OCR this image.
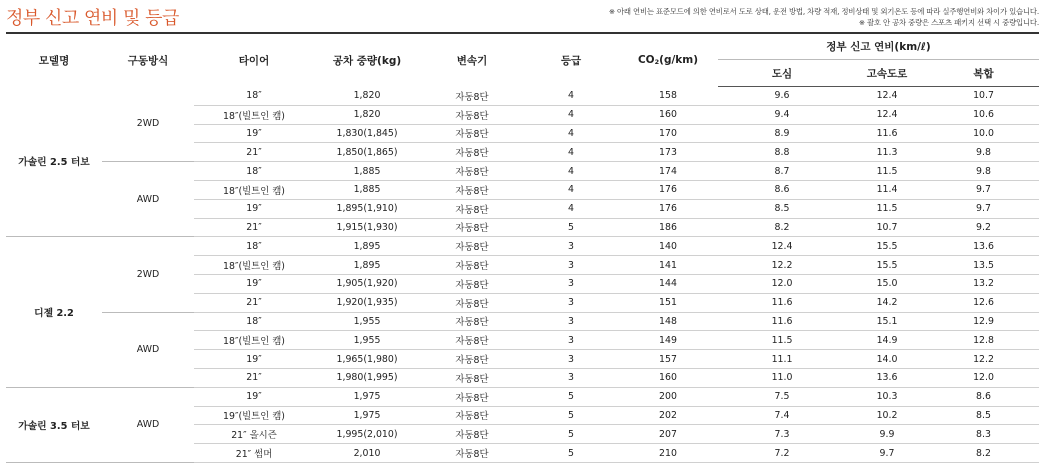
정부 신고 연비 및 등급	※ 아래 연비는 표준모드에 의한 연비로서 도로 상태, 운전 방법, 차량 적재, 정비상태 및 외기온도 등에 따라 실주행연비와 차이가 있습니다.
※ 괄호 안 공차 중량은 스포츠 패키지 선택 시 중량입니다.
모델명	구동방식	타이어	공차 중량(kg)	변속기	등급	$CO_2(g/km)$	정부 신고 연비(km/ℓ)		
							도심	고속도로	복합
가솔린 2.5 터보	2WD	18″	1,820	자동8단	4	158	9.6	12.4	10.7
		18″(빌트인 캠)	1,820	자동8단	4	160	9.4	12.4	10.6
		19″	1,830(1,845)	자동8단	4	170	8.9	11.6	10.0
		21″	1,850(1,865)	자동8단	4	173	8.8	11.3	9.8
	AWD	18″	1,885	자동8단	4	174	8.7	11.5	9.8
		18″(빌트인 캠)	1,885	자동8단	4	176	8.6	11.4	9.7
		19″	1,895(1,910)	자동8단	4	176	8.5	11.5	9.7
		21″	1,915(1,930)	자동8단	5	186	8.2	10.7	9.2
디젤 2.2	2WD	18″	1,895	자동8단	3	140	12.4	15.5	13.6
		18″(빌트인 캠)	1,895	자동8단	3	141	12.2	15.5	13.5
		19″	1,905(1,920)	자동8단	3	144	12.0	15.0	13.2
		21″	1,920(1,935)	자동8단	3	151	11.6	14.2	12.6
	AWD	18″	1,955	자동8단	3	148	11.6	15.1	12.9
		18″(빌트인 캠)	1,955	자동8단	3	149	11.5	14.9	12.8
		19″	1,965(1,980)	자동8단	3	157	11.1	14.0	12.2
		21″	1,980(1,995)	자동8단	3	160	11.0	13.6	12.0
가솔린 3.5 터보	AWD	19″	1,975	자동8단	5	200	7.5	10.3	8.6
		19″(빌트인 캠)	1,975	자동8단	5	202	7.4	10.2	8.5
		21″ 올시즌	1,995(2,010)	자동8단	5	207	7.3	9.9	8.3
		21″ 썸머	2,010	자동8단	5	210	7.2	9.7	8.2
